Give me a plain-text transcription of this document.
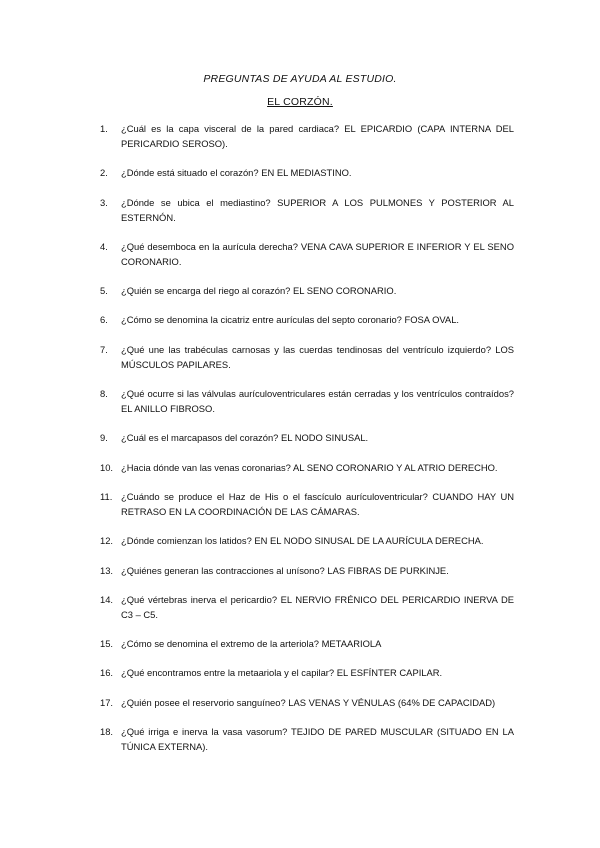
PREGUNTAS DE AYUDA AL ESTUDIO.
EL CORZÓN.
1.	¿Cuál es la capa visceral de la pared cardiaca? EL EPICARDIO (CAPA INTERNA DEL PERICARDIO SEROSO).
2.	¿Dónde está situado el corazón? EN EL MEDIASTINO.
3.	¿Dónde se ubica el mediastino? SUPERIOR A LOS PULMONES Y POSTERIOR AL ESTERNÓN.
4.	¿Qué desemboca en la aurícula derecha? VENA CAVA SUPERIOR E INFERIOR Y EL SENO CORONARIO.
5.	¿Quién se encarga del riego al corazón? EL SENO CORONARIO.
6.	¿Cómo se denomina la cicatriz entre aurículas del septo coronario? FOSA OVAL.
7.	¿Qué une las trabéculas carnosas y las cuerdas tendinosas del ventrículo izquierdo? LOS MÚSCULOS PAPILARES.
8.	¿Qué ocurre si las válvulas aurículoventriculares están cerradas y los ventrículos contraídos? EL ANILLO FIBROSO.
9.	¿Cuál es el marcapasos del corazón? EL NODO SINUSAL.
10. ¿Hacia dónde van las venas coronarias? AL SENO CORONARIO Y AL ATRIO DERECHO.
11. ¿Cuándo se produce el Haz de His o el fascículo aurículoventricular? CUANDO HAY UN RETRASO EN LA COORDINACIÓN DE LAS CÁMARAS.
12. ¿Dónde comienzan los latidos? EN EL NODO SINUSAL DE LA AURÍCULA DERECHA.
13. ¿Quiénes generan las contracciones al unísono? LAS FIBRAS DE PURKINJE.
14. ¿Qué vértebras inerva el pericardio? EL NERVIO FRÉNICO DEL PERICARDIO INERVA DE C3 – C5.
15. ¿Cómo se denomina el extremo de la arteriola? METAARIOLA
16. ¿Qué encontramos entre la metaariola y el capilar? EL ESFÍNTER CAPILAR.
17. ¿Quién posee el reservorio sanguíneo? LAS VENAS Y VÉNULAS (64% DE CAPACIDAD)
18. ¿Qué irriga e inerva la vasa vasorum? TEJIDO DE PARED MUSCULAR (SITUADO EN LA TÚNICA EXTERNA).
